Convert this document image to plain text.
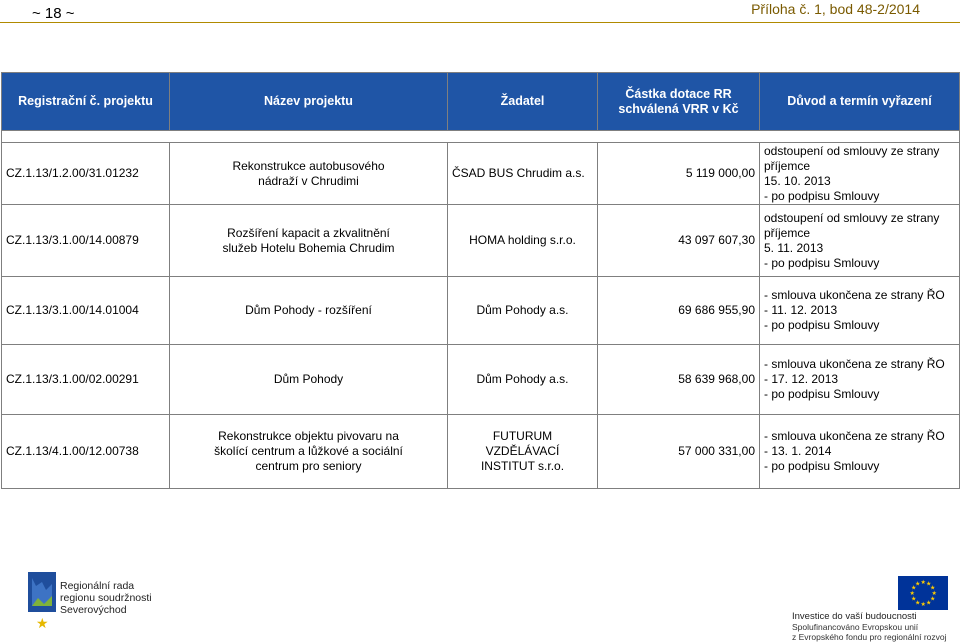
~ 18 ~	Příloha č. 1, bod 48-2/2014
Registrační č. projektu	Název projektu	Žadatel	Částka dotace RR schválená VRR v Kč	Důvod a termín vyřazení

CZ.1.13/1.2.00/31.01232	Rekonstrukce autobusového nádraží v Chrudimi	ČSAD BUS Chrudim a.s.	5 119 000,00	odstoupení od smlouvy ze strany příjemce
15. 10. 2013
- po podpisu Smlouvy

CZ.1.13/3.1.00/14.00879	Rozšíření kapacit a zkvalitnění služeb Hotelu Bohemia Chrudim	HOMA holding s.r.o.	43 097 607,30	odstoupení od smlouvy ze strany příjemce
5. 11. 2013
- po podpisu Smlouvy

CZ.1.13/3.1.00/14.01004	Dům Pohody - rozšíření	Dům Pohody a.s.	69 686 955,90	- smlouva ukončena ze strany ŘO
- 11. 12. 2013
- po podpisu Smlouvy

CZ.1.13/3.1.00/02.00291	Dům Pohody	Dům Pohody a.s.	58 639 968,00	- smlouva ukončena ze strany ŘO
- 17. 12. 2013
- po podpisu Smlouvy

CZ.1.13/4.1.00/12.00738	Rekonstrukce objektu pivovaru na školící centrum a lůžkové a sociální centrum pro seniory	FUTURUM VZDĚLÁVACÍ INSTITUT s.r.o.	57 000 331,00	- smlouva ukončena ze strany ŘO
- 13. 1. 2014
- po podpisu Smlouvy
★
Regionální rada
regionu soudržnosti
Severovýchod
★
★
★
★
★
★
★
★
★ ★ ★
★
Investice do vaší budoucnosti
Spolufinancováno Evropskou unií
z Evropského fondu pro regionální rozvoj
